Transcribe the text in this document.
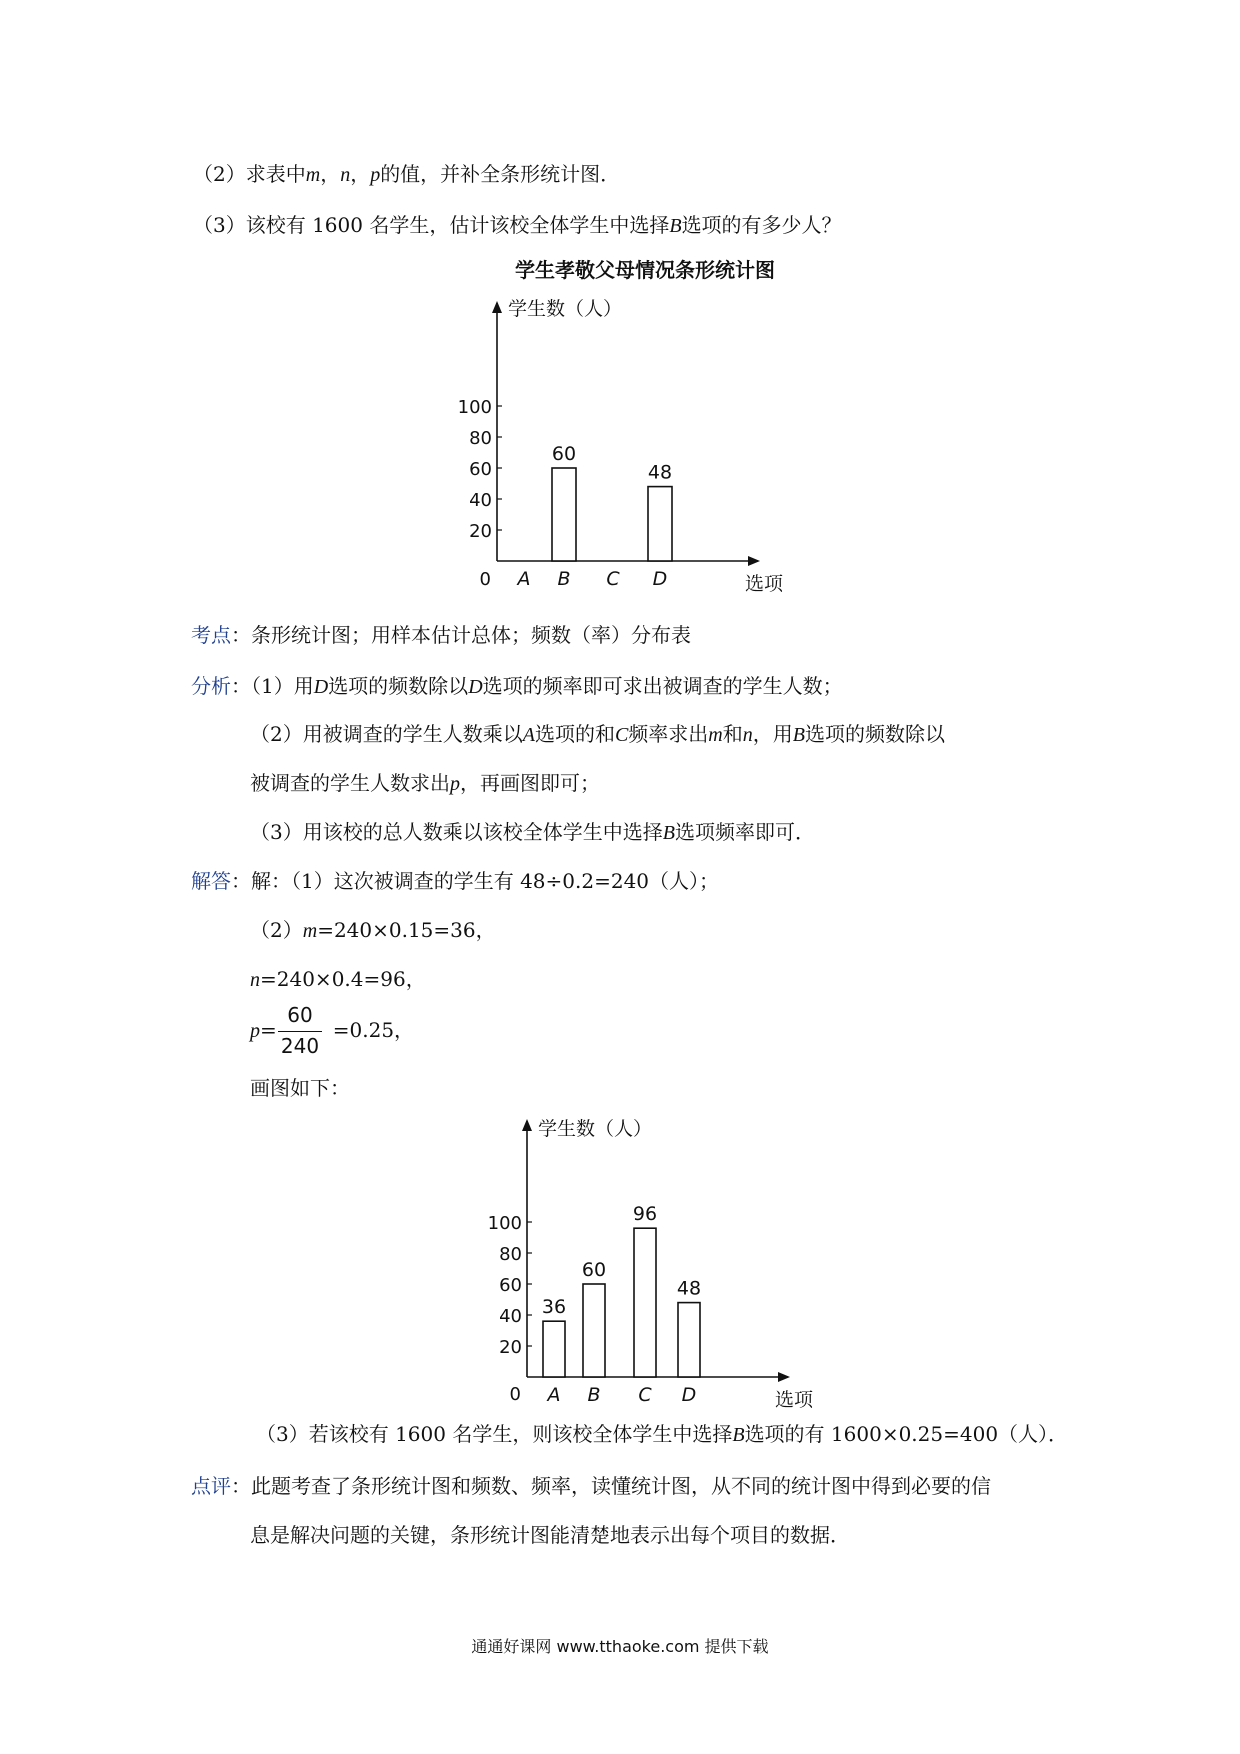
（2）求表中m，n，p的值，并补全条形统计图．
（3）该校有 1600 名学生，估计该校全体学生中选择B选项的有多少人？
学生孝敬父母情况条形统计图
学生数（人）
选项
0
20
40
60
80
100
A B
60
C D
48
学生数（人）
选项
0
20
40
60
80
100
A
36
B
60
C
96
D
48
考点：条形统计图；用样本估计总体；频数（率）分布表
分析：（1）用D选项的频数除以D选项的频率即可求出被调查的学生人数；
（2）用被调查的学生人数乘以A选项的和C频率求出m和n，用B选项的频数除以
被调查的学生人数求出p，再画图即可；
（3）用该校的总人数乘以该校全体学生中选择B选项频率即可．
解答：解：（1）这次被调查的学生有 48÷0.2=240（人）；
（2）m=240×0.15=36，
n=240×0.4=96，
p=	=0.25，
60
240
画图如下：
（3）若该校有 1600 名学生，则该校全体学生中选择B选项的有 1600×0.25=400（人）．
点评：此题考查了条形统计图和频数、频率，读懂统计图，从不同的统计图中得到必要的信
息是解决问题的关键，条形统计图能清楚地表示出每个项目的数据．
通通好课网 www.tthaoke.com 提供下载
